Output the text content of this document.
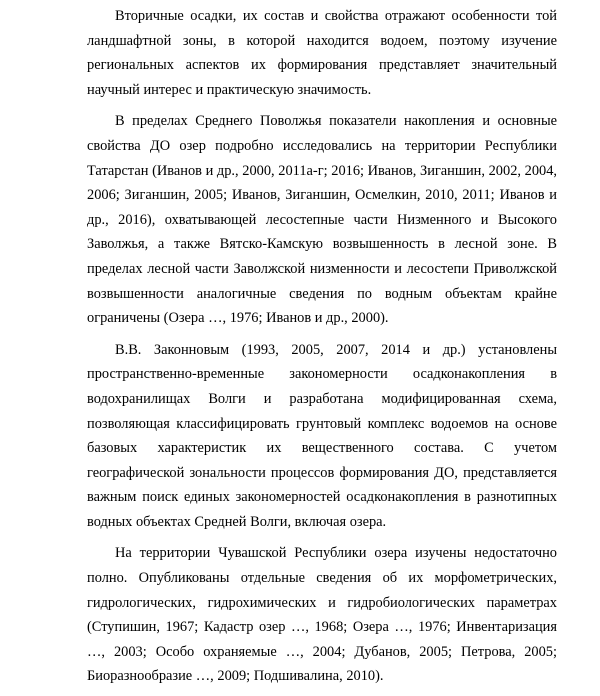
Вторичные осадки, их состав и свойства отражают особенности той ландшафтной зоны, в которой находится водоем, поэтому изучение региональных аспектов их формирования представляет значительный научный интерес и практическую значимость.

В пределах Среднего Поволжья показатели накопления и основные свойства ДО озер подробно исследовались на территории Республики Татарстан (Иванов и др., 2000, 2011а-г; 2016; Иванов, Зиганшин, 2002, 2004, 2006; Зиганшин, 2005; Иванов, Зиганшин, Осмелкин, 2010, 2011; Иванов и др., 2016), охватывающей лесостепные части Низменного и Высокого Заволжья, а также Вятско-Камскую возвышенность в лесной зоне. В пределах лесной части Заволжской низменности и лесостепи Приволжской возвышенности аналогичные сведения по водным объектам крайне ограничены (Озера …, 1976; Иванов и др., 2000).

В.В. Законновым (1993, 2005, 2007, 2014 и др.) установлены пространственно-временные закономерности осадконакопления в водохранилищах Волги и разработана модифицированная схема, позволяющая классифицировать грунтовый комплекс водоемов на основе базовых характеристик их вещественного состава. С учетом географической зональности процессов формирования ДО, представляется важным поиск единых закономерностей осадконакопления в разнотипных водных объектах Средней Волги, включая озера.

На территории Чувашской Республики озера изучены недостаточно полно. Опубликованы отдельные сведения об их морфометрических, гидрологических, гидрохимических и гидробиологических параметрах (Ступишин, 1967; Кадастр озер …, 1968; Озера …, 1976; Инвентаризация …, 2003; Особо охраняемые …, 2004; Дубанов, 2005; Петрова, 2005; Биоразнообразие …, 2009; Подшивалина, 2010).
